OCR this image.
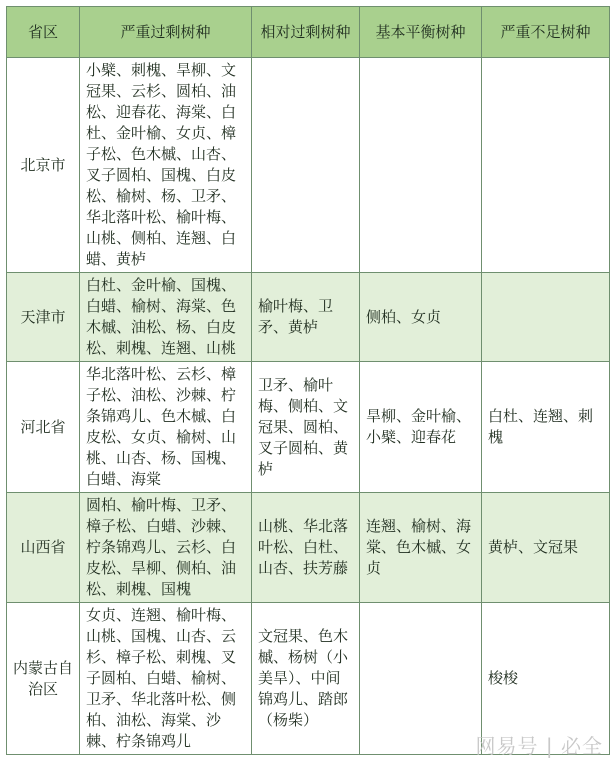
省区	严重过剩树种	相对过剩树种	基本平衡树种	严重不足树种
北京市	小檗、刺槐、旱柳、文冠果、云杉、圆柏、油松、迎春花、海棠、白杜、金叶榆、女贞、樟子松、色木槭、山杏、叉子圆柏、国槐、白皮松、榆树、杨、卫矛、华北落叶松、榆叶梅、山桃、侧柏、连翘、白蜡、黄栌			
天津市	白杜、金叶榆、国槐、白蜡、榆树、海棠、色木槭、油松、杨、白皮松、刺槐、连翘、山桃	榆叶梅、卫矛、黄栌	侧柏、女贞	
河北省	华北落叶松、云杉、樟子松、油松、沙棘、柠条锦鸡儿、色木槭、白皮松、女贞、榆树、山桃、山杏、杨、国槐、白蜡、海棠	卫矛、榆叶梅、侧柏、文冠果、圆柏、叉子圆柏、黄栌	旱柳、金叶榆、小檗、迎春花	白杜、连翘、刺槐
山西省	圆柏、榆叶梅、卫矛、樟子松、白蜡、沙棘、柠条锦鸡儿、云杉、白皮松、旱柳、侧柏、油松、刺槐、国槐	山桃、华北落叶松、白杜、山杏、扶芳藤	连翘、榆树、海棠、色木槭、女贞	黄栌、文冠果
内蒙古自治区	女贞、连翘、榆叶梅、山桃、国槐、山杏、云杉、樟子松、刺槐、叉子圆柏、白蜡、榆树、卫矛、华北落叶松、侧柏、油松、海棠、沙棘、柠条锦鸡儿	文冠果、色木槭、杨树（小美旱）、中间锦鸡儿、踏郎（杨柴）		梭梭
网易号 | 必全
